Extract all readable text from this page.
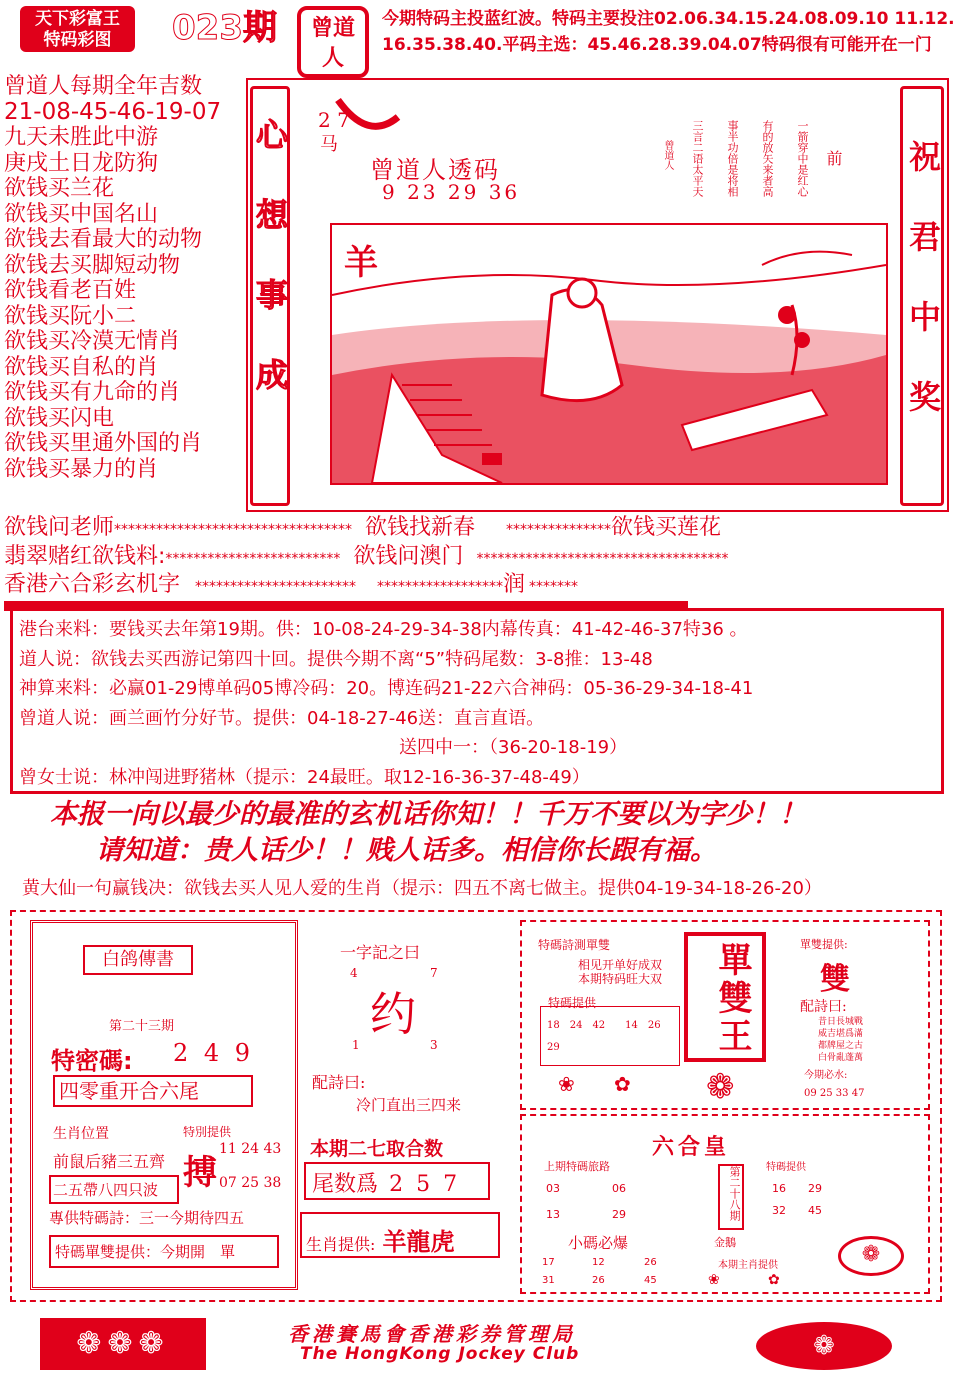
天下彩富王
特码彩图	023期	曾道人
今期特码主投蓝红波。特码主要投注02.06.34.15.24.08.09.10 11.12.16.35.38.40.平码主选：45.46.28.39.04.07特码很有可能开在一门
曾道人每期全年吉数
21-08-45-46-19-07
九天未胜此中游
庚戌土日龙防狗
欲钱买兰花
欲钱买中国名山
欲钱去看最大的动物
欲钱去买脚短动物
欲钱看老百姓
欲钱买阮小二
欲钱买冷漠无情肖
欲钱买自私的肖
欲钱买有九命的肖
欲钱买闪电
欲钱买里通外国的肖
欲钱买暴力的肖
心想事成	祝君中奖
2 7
马
曾道人透码
9 23 29 36
前
一箭穿中是红心
有的放矢来者高
事半功倍是将相
三言二语太平天
曾道人
羊
欲钱问老师********************************** 欲钱找新春 ***************欲钱买莲花
翡翠赌红欲钱料:************************* 欲钱问澳门 ************************************
香港六合彩玄机字 *********************** ******************润 *******
港台来料：要钱买去年第19期。供：10-08-24-29-34-38内幕传真：41-42-46-37特36 。
道人说：欲钱去买西游记第四十回。提供今期不离“5”特码尾数：3-8推：13-48
神算来料：必赢01-29博单码05博冷码：20。博连码21-22六合神码：05-36-29-34-18-41
曾道人说：画兰画竹分好节。提供：04-18-27-46送：直言直语。
送四中一：（36-20-18-19）
曾女士说：林冲闯进野猪林（提示：24最旺。取12-16-36-37-48-49）
本报一向以最少的最准的玄机话你知！！千万不要以为字少！！
请知道：贵人话少！！贱人话多。相信你长跟有福。
黄大仙一句赢钱决：欲钱去买人见人爱的生肖（提示：四五不离七做主。提供04-19-34-18-26-20）
白鸽傳書
第二十三期
特密碼: 2 4 9
四零重开合六尾
生肖位置
前鼠后豬三五齊
二五帶八四只波
特別提供
搏
11 24 43
07 25 38
專供特碼詩：三一今期待四五
特碼單雙提供：今期開　單
一字記之曰
4	7
约
1	3
配詩曰:
冷门直出三四来
本期二七取合数
尾数爲 2 5 7
生肖提供: 羊龍虎
特碼詩測單雙
相见开单好成双
本期特码旺大双
特碼提供
18　24　42　　14　26　29
❀ ✿
單雙王
❁
單雙提供:
雙
配詩曰:
昔日長城戰
威吉堪爲滿
都牌屋之古
白骨亂蓬萬
今期必水:
09 25 33 47
六合皇
上期特碼旅路
03	06
13	29
小碼必爆
17	12	26
31	26	45
第二十八期
金鵝
特碼提供
16 29
32 45
本期主肖提供
❀	✿
❁
❁❁❁	香港賽馬會香港彩券管理局
The HongKong Jockey Club	❁
